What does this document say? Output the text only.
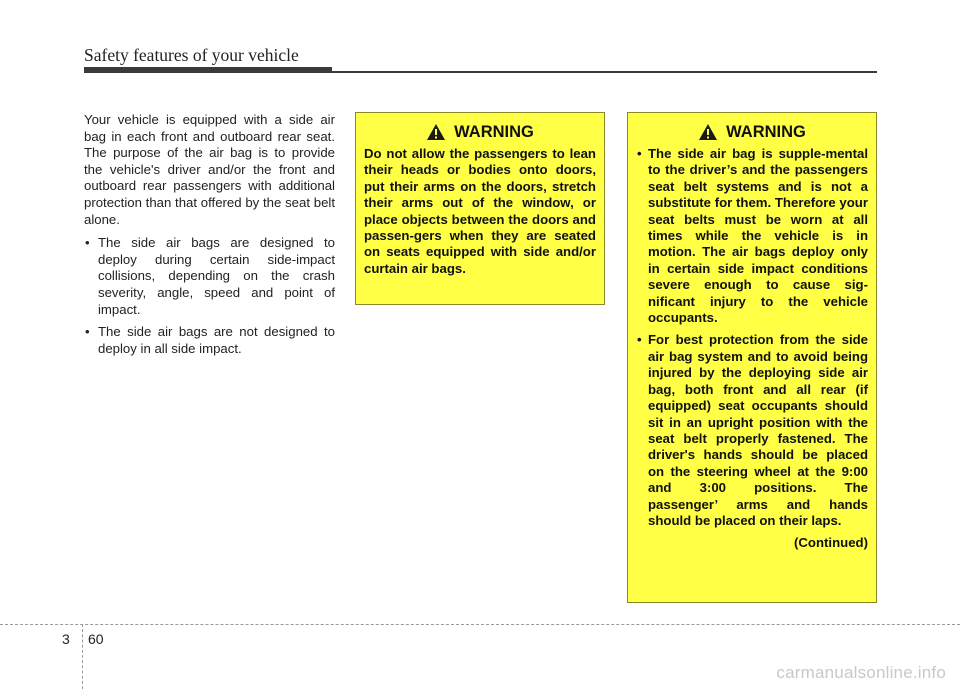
Safety features of your vehicle

Your vehicle is equipped with a side air bag in each front and outboard rear seat. The purpose of the air bag is to provide the vehicle's driver and/or the front and outboard rear passengers with additional protection than that offered by the seat belt alone.

• The side air bags are designed to deploy during certain side-impact collisions, depending on the crash severity, angle, speed and point of impact.
• The side air bags are not designed to deploy in all side impact.
WARNING
Do not allow the passengers to lean their heads or bodies onto doors, put their arms on the doors, stretch their arms out of the window, or place objects between the doors and passen-gers when they are seated on seats equipped with side and/or curtain air bags.
WARNING
• The side air bag is supple-mental to the driver’s and the passengers seat belt systems and is not a substitute for them. Therefore your seat belts must be worn at all times while the vehicle is in motion. The air bags deploy only in certain side impact conditions severe enough to cause sig-nificant injury to the vehicle occupants.
• For best protection from the side air bag system and to avoid being injured by the deploying side air bag, both front and all rear (if equipped) seat occupants should sit in an upright position with the seat belt properly fastened. The driver's hands should be placed on the steering wheel at the 9:00 and 3:00 positions. The passenger’ arms and hands should be placed on their laps.
(Continued)
3 60
carmanualsonline.info
